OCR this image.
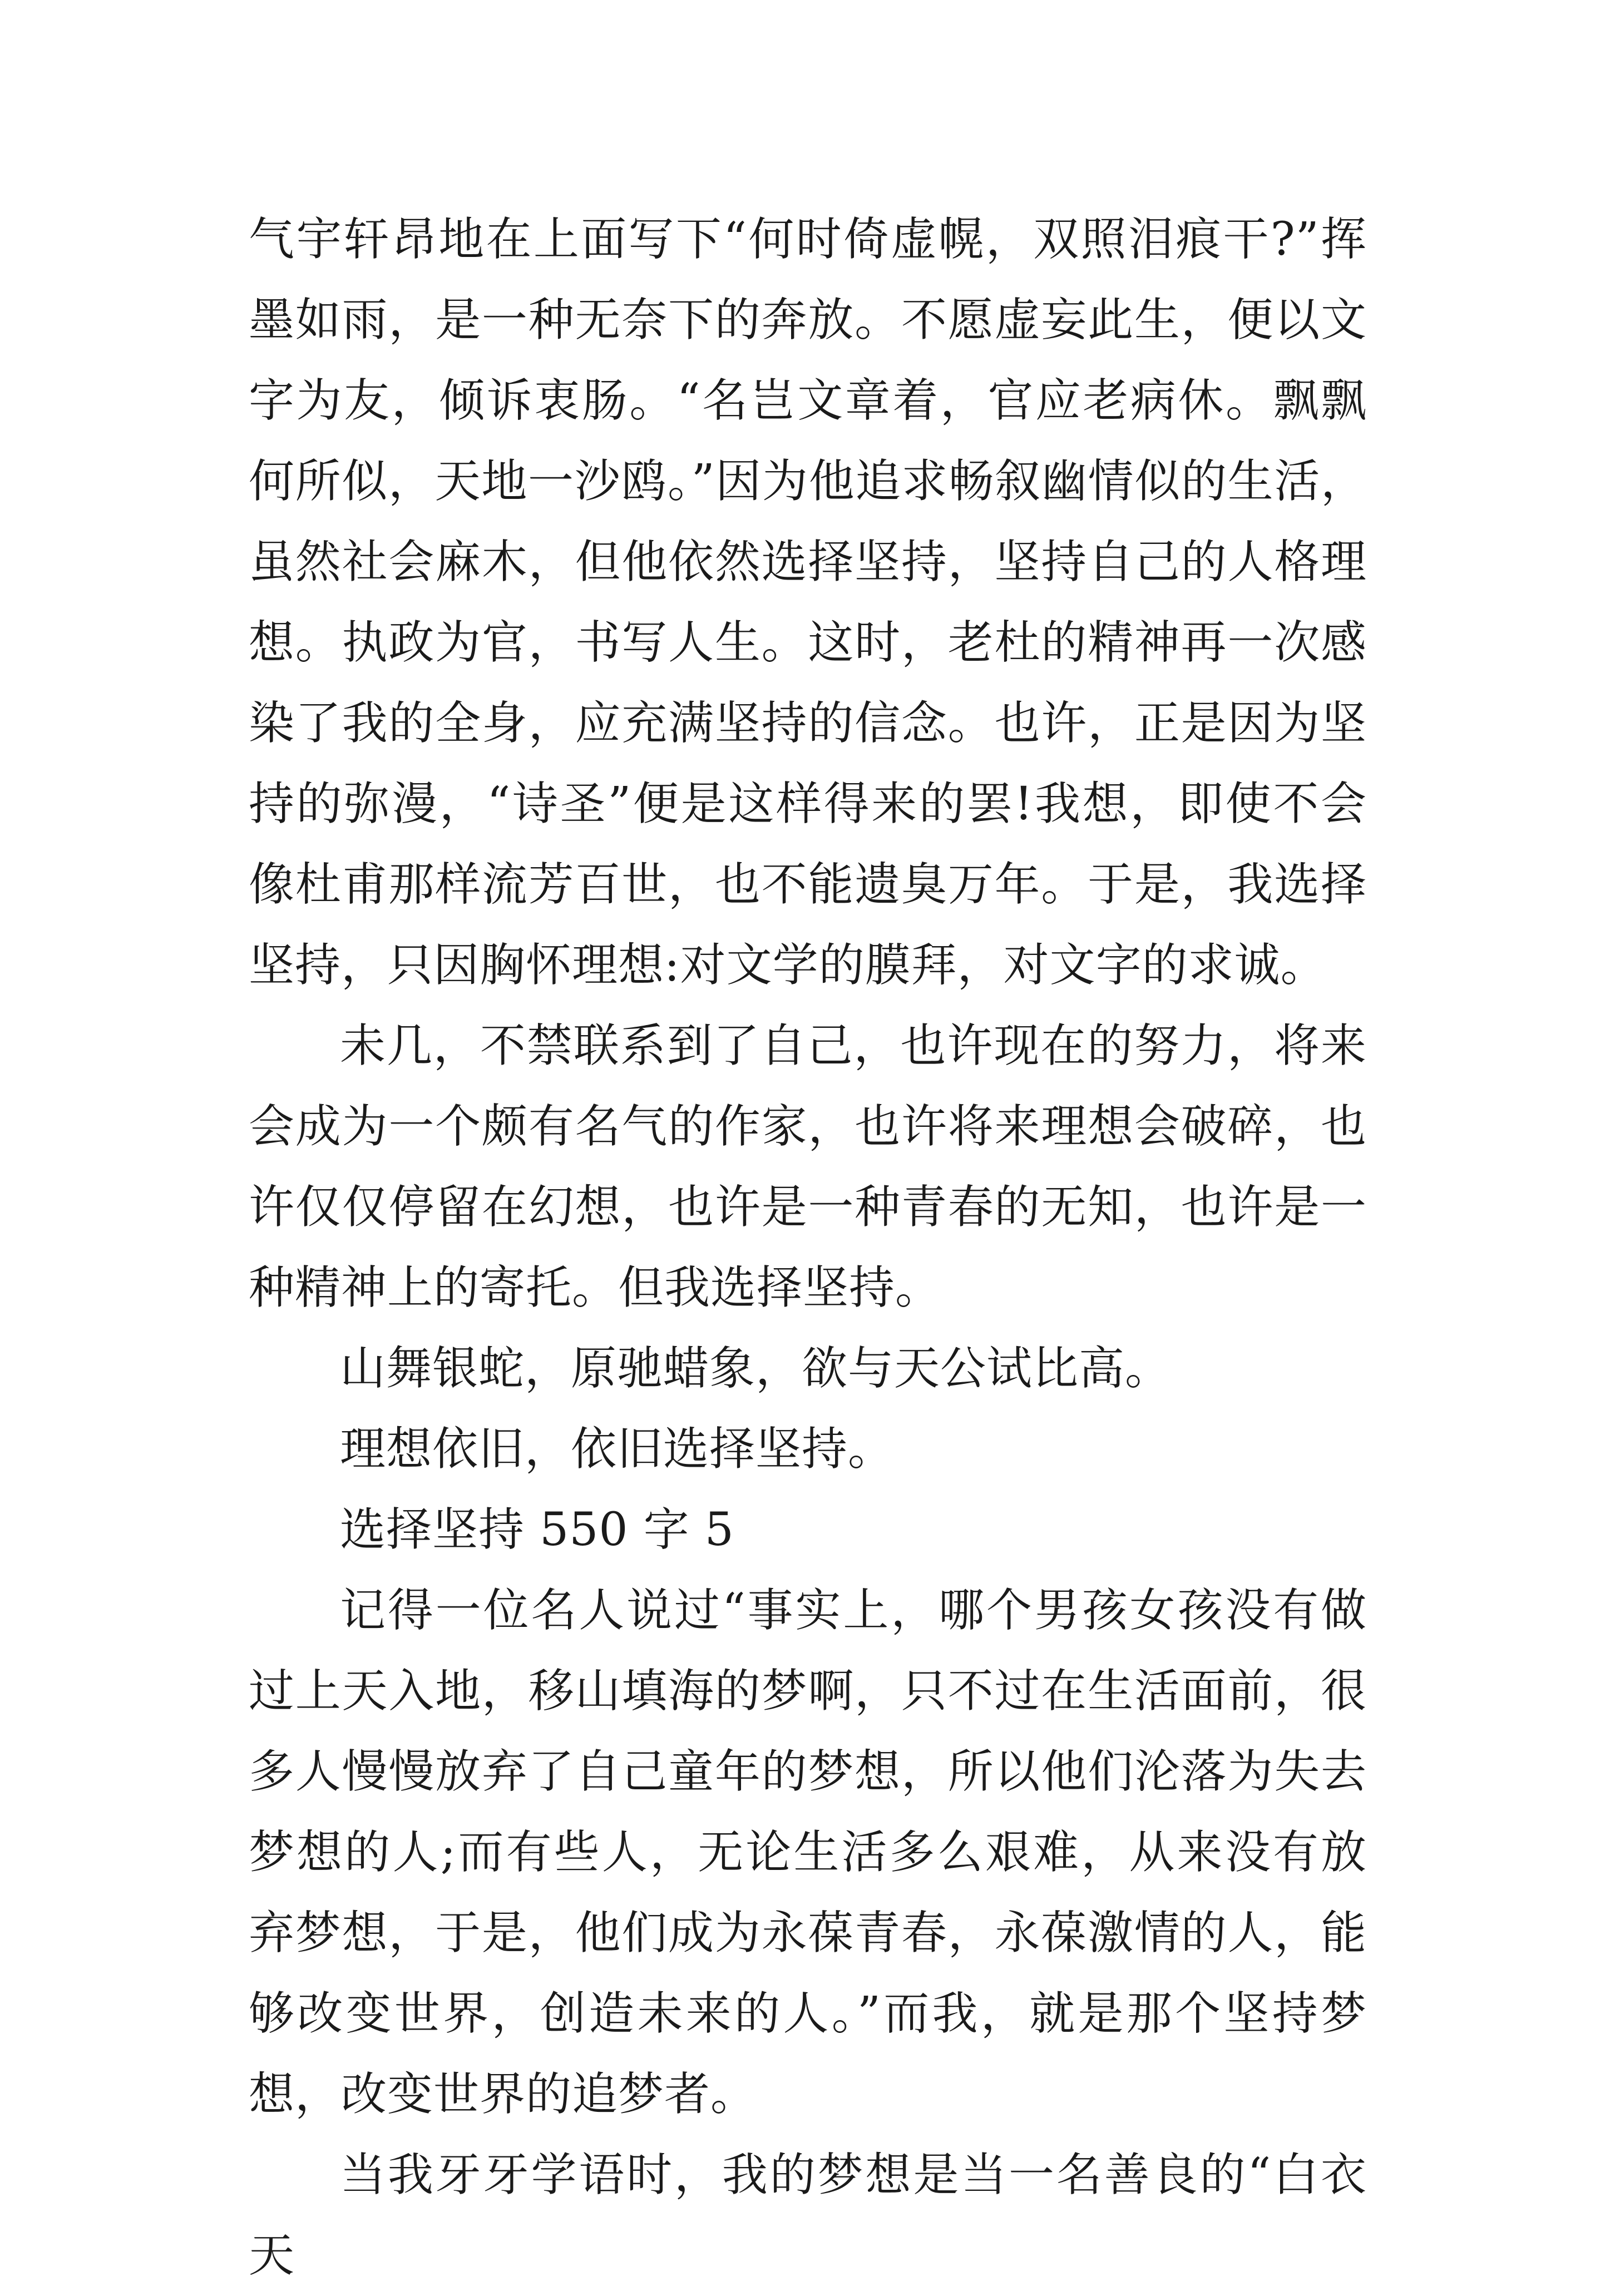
气宇轩昂地在上面写下“何时倚虚幌，双照泪痕干?”挥墨如雨，是一种无奈下的奔放。不愿虚妄此生，便以文字为友，倾诉衷肠。“名岂文章着，官应老病休。飘飘何所似，天地一沙鸥。”因为他追求畅叙幽情似的生活，虽然社会麻木，但他依然选择坚持，坚持自己的人格理想。执政为官，书写人生。这时，老杜的精神再一次感染了我的全身，应充满坚持的信念。也许，正是因为坚持的弥漫，“诗圣”便是这样得来的罢!我想，即使不会像杜甫那样流芳百世，也不能遗臭万年。于是，我选择坚持，只因胸怀理想:对文学的膜拜，对文字的求诚。

未几，不禁联系到了自己，也许现在的努力，将来会成为一个颇有名气的作家，也许将来理想会破碎，也许仅仅停留在幻想，也许是一种青春的无知，也许是一种精神上的寄托。但我选择坚持。

山舞银蛇，原驰蜡象，欲与天公试比高。

理想依旧，依旧选择坚持。

选择坚持 550 字 5

记得一位名人说过“事实上，哪个男孩女孩没有做过上天入地，移山填海的梦啊，只不过在生活面前，很多人慢慢放弃了自己童年的梦想，所以他们沦落为失去梦想的人;而有些人，无论生活多么艰难，从来没有放弃梦想，于是，他们成为永葆青春，永葆激情的人，能够改变世界，创造未来的人。”而我，就是那个坚持梦想，改变世界的追梦者。

当我牙牙学语时，我的梦想是当一名善良的“白衣天
